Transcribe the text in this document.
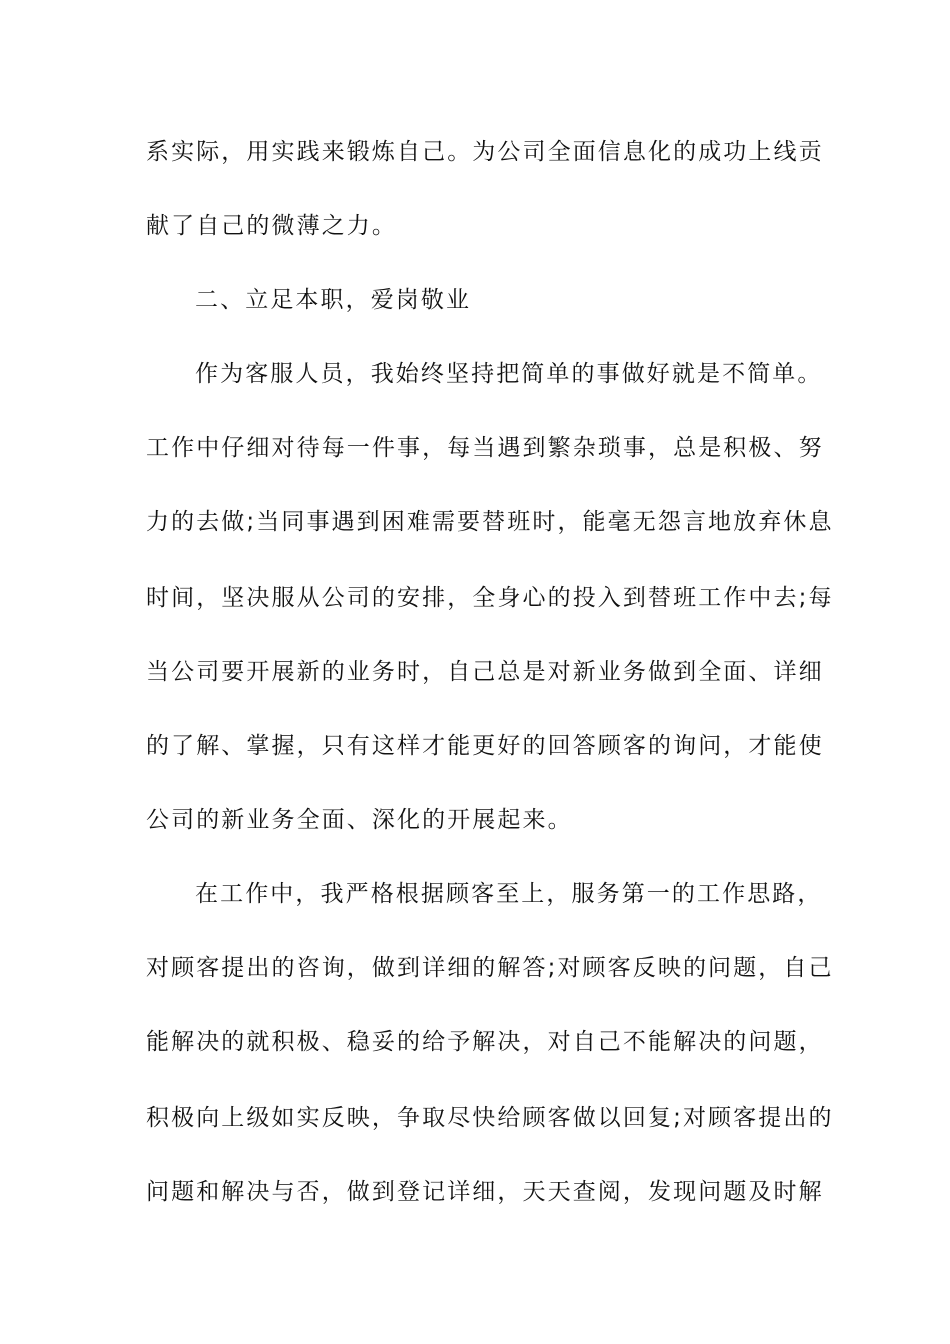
系实际，用实践来锻炼自己。为公司全面信息化的成功上线贡
献了自己的微薄之力。
二、立足本职，爱岗敬业
作为客服人员，我始终坚持把简单的事做好就是不简单。
工作中仔细对待每一件事，每当遇到繁杂琐事，总是积极、努
力的去做;当同事遇到困难需要替班时，能毫无怨言地放弃休息
时间，坚决服从公司的安排，全身心的投入到替班工作中去;每
当公司要开展新的业务时，自己总是对新业务做到全面、详细
的了解、掌握，只有这样才能更好的回答顾客的询问，才能使
公司的新业务全面、深化的开展起来。
在工作中，我严格根据顾客至上，服务第一的工作思路，
对顾客提出的咨询，做到详细的解答;对顾客反映的问题，自己
能解决的就积极、稳妥的给予解决，对自己不能解决的问题，
积极向上级如实反映，争取尽快给顾客做以回复;对顾客提出的
问题和解决与否，做到登记详细，天天查阅，发现问题及时解
